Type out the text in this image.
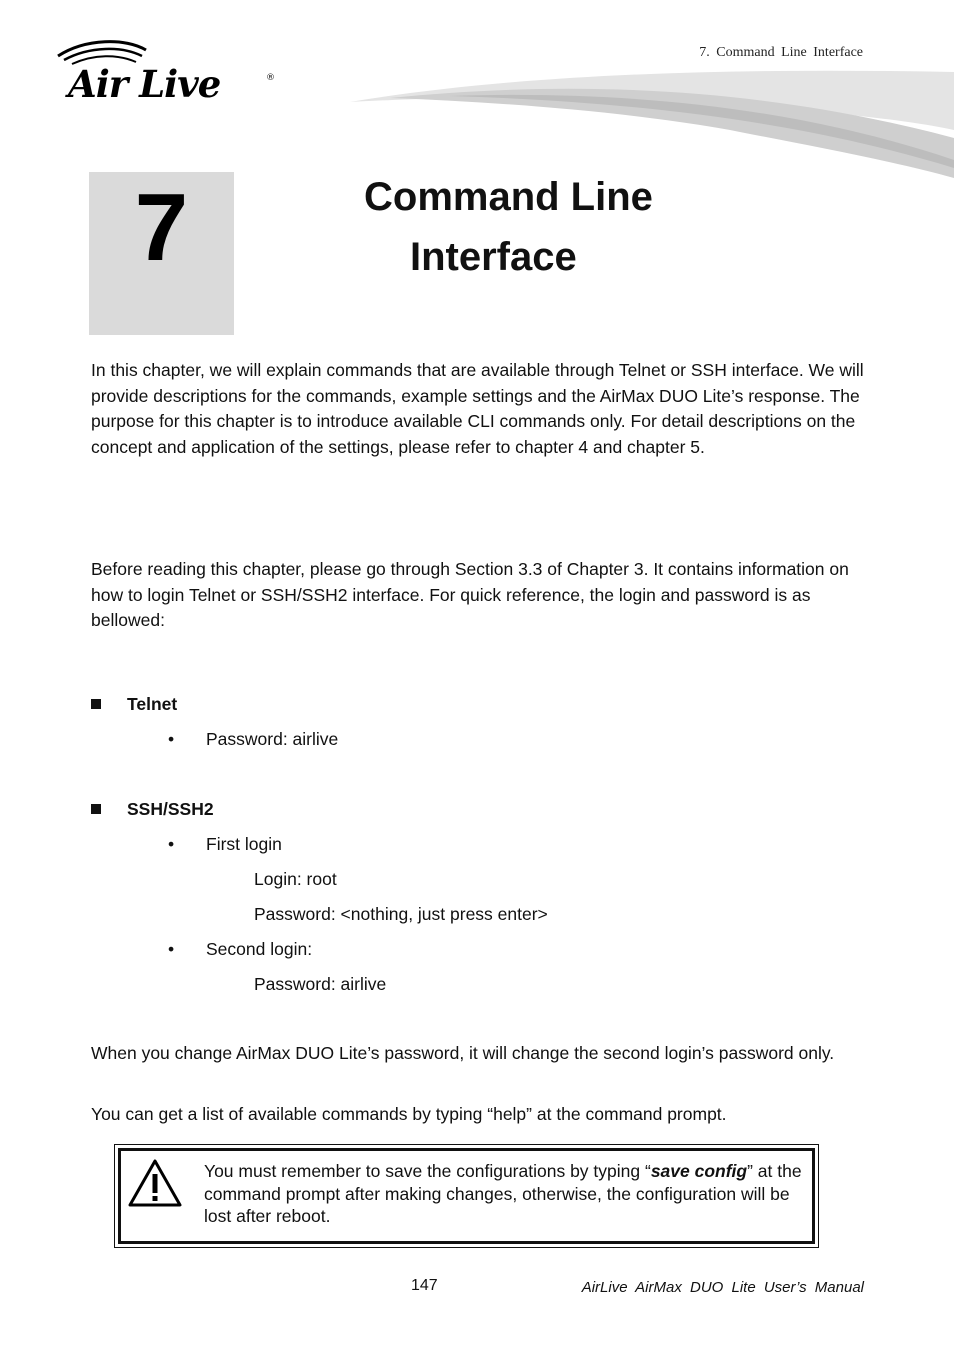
7. Command Line Interface
Air Live	®
7	Command Line
Interface
In this chapter, we will explain commands that are available through Telnet or SSH interface. We will provide descriptions for the commands, example settings and the AirMax DUO Lite’s response. The purpose for this chapter is to introduce available CLI commands only. For detail descriptions on the concept and application of the settings, please refer to chapter 4 and chapter 5.
Before reading this chapter, please go through Section 3.3 of Chapter 3. It contains information on how to login Telnet or SSH/SSH2 interface. For quick reference, the login and password is as bellowed:
Telnet
• Password: airlive
SSH/SSH2
• First login
Login: root
Password: <nothing, just press enter>
• Second login:
Password: airlive
When you change AirMax DUO Lite’s password, it will change the second login’s password only.
You can get a list of available commands by typing “help” at the command prompt.
You must remember to save the configurations by typing “save config” at the command prompt after making changes, otherwise, the configuration will be lost after reboot.
147	AirLive AirMax DUO Lite User’s Manual
